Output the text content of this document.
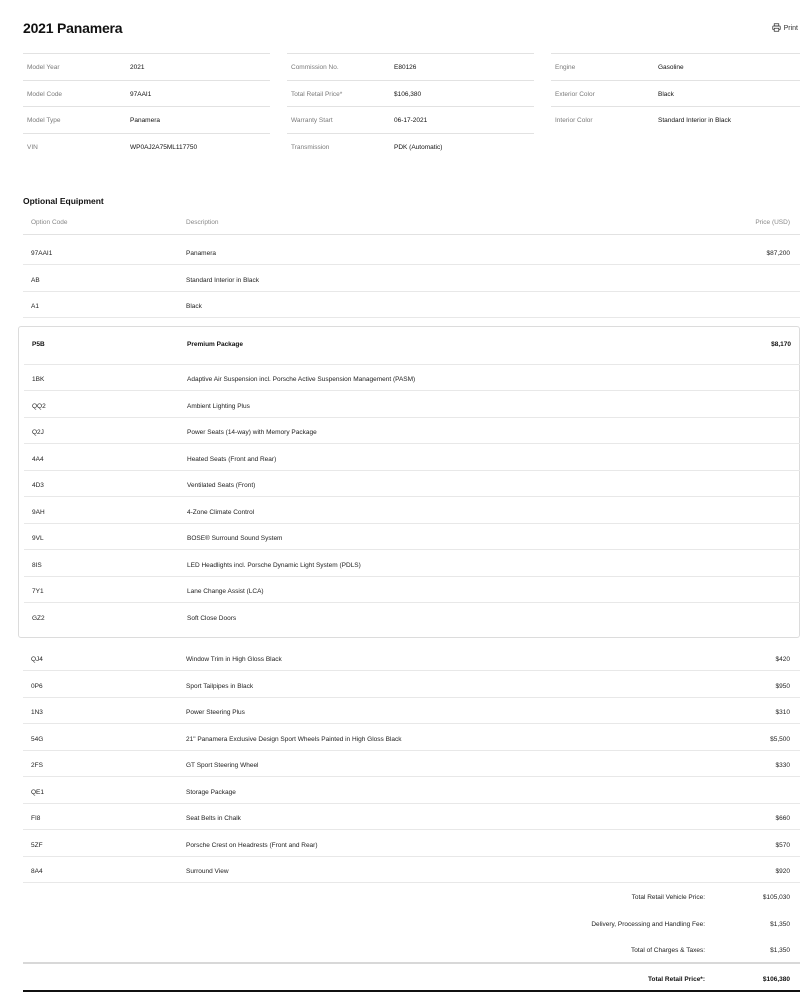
2021 Panamera	Print
Model Year	2021	Commission No.	E80126	Engine	Gasoline
Model Code	97AAI1	Total Retail Price*	$106,380	Exterior Color	Black
Model Type	Panamera	Warranty Start	06-17-2021	Interior Color	Standard Interior in Black
VIN	WP0AJ2A75ML117750	Transmission	PDK (Automatic)
Optional Equipment
Option Code	Description	Price (USD)
97AAI1	Panamera	$87,200
AB	Standard Interior in Black
A1	Black
P5B	Premium Package	$8,170
1BK	Adaptive Air Suspension incl. Porsche Active Suspension Management (PASM)
QQ2	Ambient Lighting Plus
Q2J	Power Seats (14-way) with Memory Package
4A4	Heated Seats (Front and Rear)
4D3	Ventilated Seats (Front)
9AH	4-Zone Climate Control
9VL	BOSE® Surround Sound System
8IS	LED Headlights incl. Porsche Dynamic Light System (PDLS)
7Y1	Lane Change Assist (LCA)
GZ2	Soft Close Doors
QJ4	Window Trim in High Gloss Black	$420
0P6	Sport Tailpipes in Black	$950
1N3	Power Steering Plus	$310
54G	21" Panamera Exclusive Design Sport Wheels Painted in High Gloss Black	$5,500
2FS	GT Sport Steering Wheel	$330
QE1	Storage Package
FI8	Seat Belts in Chalk	$660
5ZF	Porsche Crest on Headrests (Front and Rear)	$570
8A4	Surround View	$920
Total Retail Vehicle Price:	$105,030
Delivery, Processing and Handling Fee:	$1,350
Total of Charges & Taxes:	$1,350
Total Retail Price*:	$106,380
